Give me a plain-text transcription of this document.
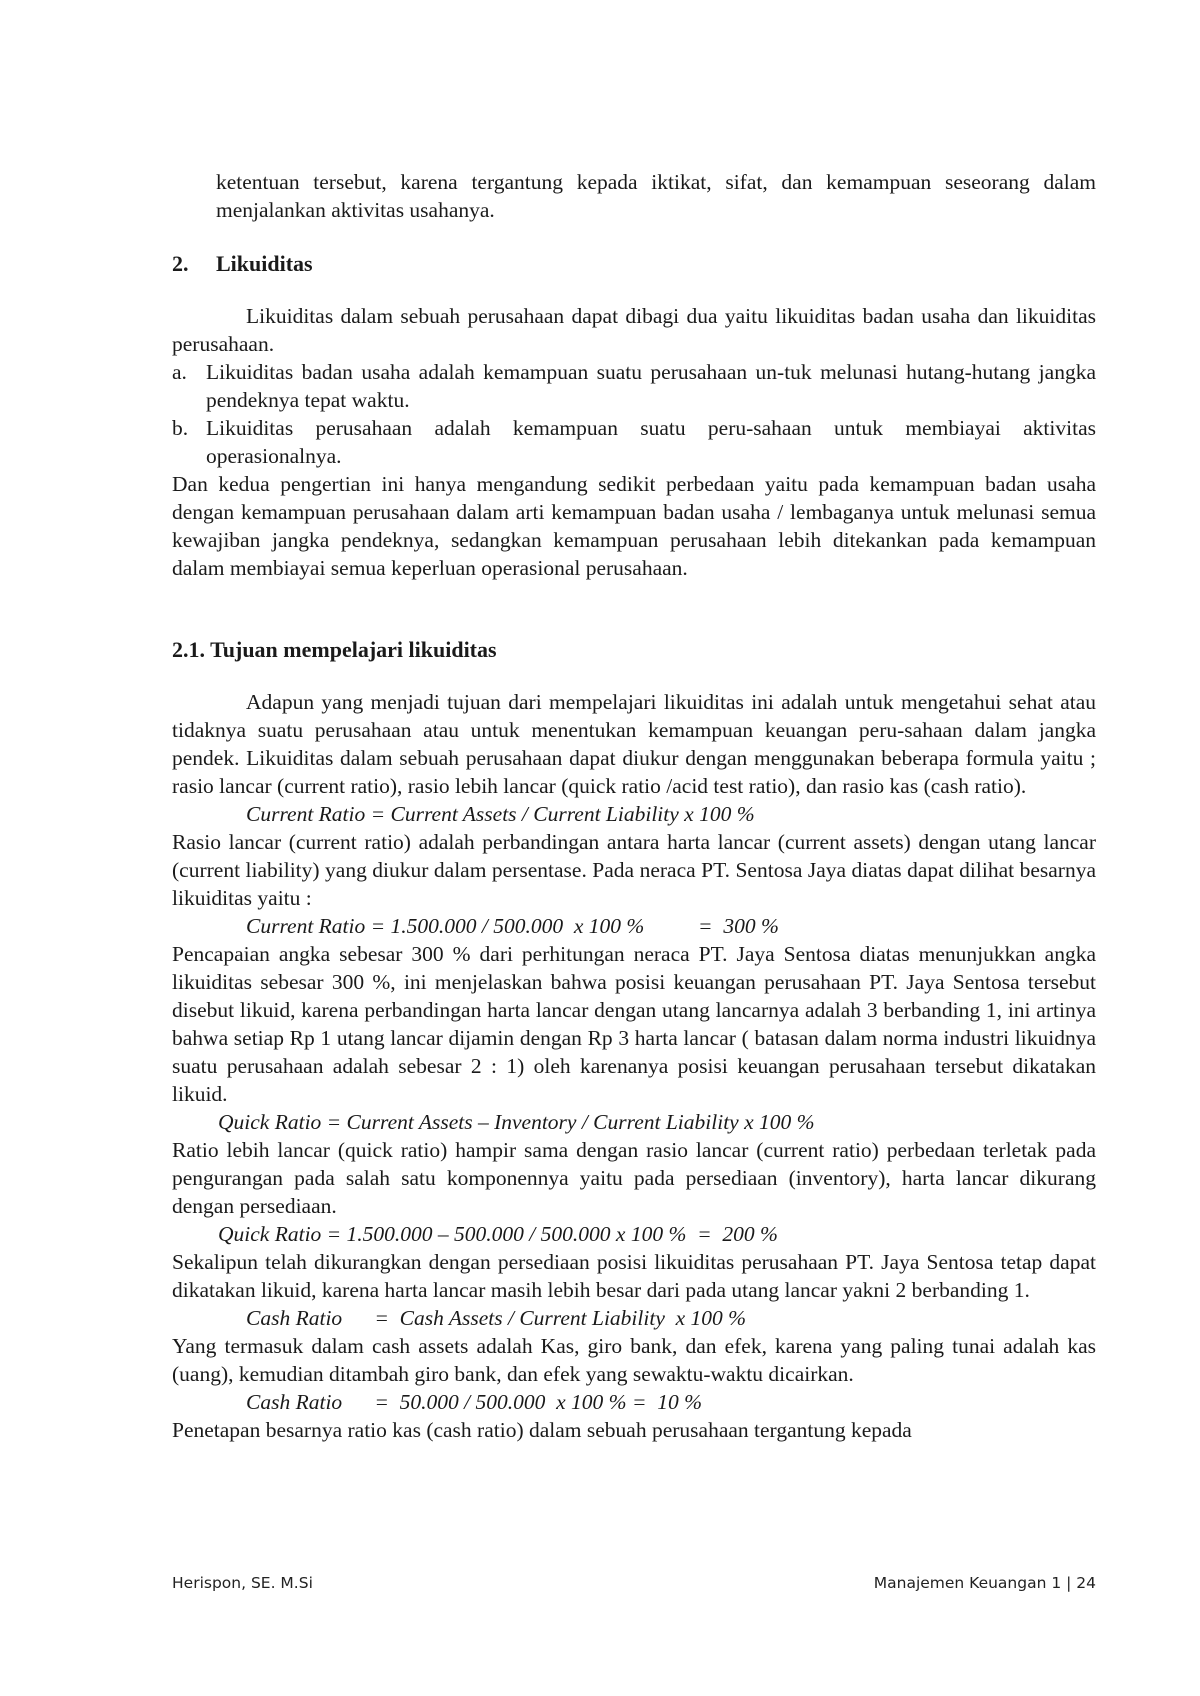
ketentuan tersebut, karena tergantung kepada iktikat, sifat, dan kemampuan seseorang dalam menjalankan aktivitas usahanya.

2. Likuiditas

Likuiditas dalam sebuah perusahaan dapat dibagi dua yaitu likuiditas badan usaha dan likuiditas perusahaan.

a. Likuiditas badan usaha adalah kemampuan suatu perusahaan un-tuk melunasi hutang-hutang jangka pendeknya tepat waktu.
b. Likuiditas perusahaan adalah kemampuan suatu peru-sahaan untuk membiayai aktivitas operasionalnya.

Dan kedua pengertian ini hanya mengandung sedikit perbedaan yaitu pada kemampuan badan usaha dengan kemampuan perusahaan dalam arti kemampuan badan usaha / lembaganya untuk melunasi semua kewajiban jangka pendeknya, sedangkan kemampuan perusahaan lebih ditekankan pada kemampuan dalam membiayai semua keperluan operasional perusahaan.

2.1. Tujuan mempelajari likuiditas

Adapun yang menjadi tujuan dari mempelajari likuiditas ini adalah untuk mengetahui sehat atau tidaknya suatu perusahaan atau untuk menentukan kemampuan keuangan peru-sahaan dalam jangka pendek. Likuiditas dalam sebuah perusahaan dapat diukur dengan menggunakan beberapa formula yaitu ; rasio lancar (current ratio), rasio lebih lancar (quick ratio /acid test ratio), dan rasio kas (cash ratio).

Current Ratio = Current Assets / Current Liability x 100 %

Rasio lancar (current ratio) adalah perbandingan antara harta lancar (current assets) dengan utang lancar (current liability) yang diukur dalam persentase. Pada neraca PT. Sentosa Jaya diatas dapat dilihat besarnya likuiditas yaitu :

Current Ratio = 1.500.000 / 500.000  x 100 %          =  300 %

Pencapaian angka sebesar 300 % dari perhitungan neraca PT. Jaya Sentosa diatas menunjukkan angka likuiditas sebesar 300 %, ini menjelaskan bahwa posisi keuangan perusahaan PT. Jaya Sentosa tersebut disebut likuid, karena perbandingan harta lancar dengan utang lancarnya adalah 3 berbanding 1, ini artinya bahwa setiap Rp 1 utang lancar dijamin dengan Rp 3 harta lancar ( batasan dalam norma industri likuidnya suatu perusahaan adalah sebesar 2 : 1) oleh karenanya posisi keuangan perusahaan tersebut dikatakan likuid.

Quick Ratio = Current Assets – Inventory / Current Liability x 100 %

Ratio lebih lancar (quick ratio) hampir sama dengan rasio lancar (current ratio) perbedaan terletak pada pengurangan pada salah satu komponennya yaitu pada persediaan (inventory), harta lancar dikurang dengan persediaan.

Quick Ratio = 1.500.000 – 500.000 / 500.000 x 100 %  =  200 %

Sekalipun telah dikurangkan dengan persediaan posisi likuiditas perusahaan PT. Jaya Sentosa tetap dapat dikatakan likuid, karena harta lancar masih lebih besar dari pada utang lancar yakni 2 berbanding 1.

Cash Ratio      =  Cash Assets / Current Liability  x 100 %

Yang termasuk dalam cash assets adalah Kas, giro bank, dan efek, karena yang paling tunai adalah kas (uang), kemudian ditambah giro bank, dan efek yang sewaktu-waktu dicairkan.

Cash Ratio      =  50.000 / 500.000  x 100 % =  10 %

Penetapan besarnya ratio kas (cash ratio) dalam sebuah perusahaan tergantung kepada

Herispon, SE. M.Si	Manajemen Keuangan 1 | 24
